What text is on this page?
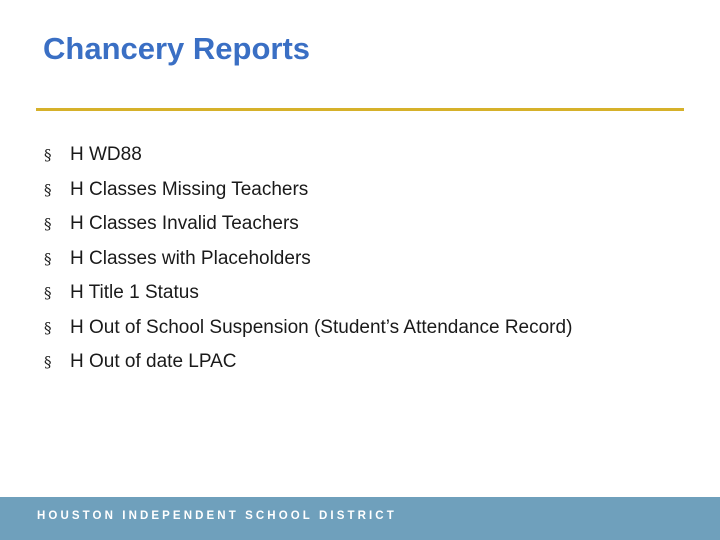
Chancery Reports
§ H WD88
§ H Classes Missing Teachers
§ H Classes Invalid Teachers
§ H Classes with Placeholders
§ H Title 1 Status
§ H Out of School Suspension (Student’s Attendance Record)
§ H Out of date LPAC
HOUSTON INDEPENDENT SCHOOL DISTRICT
33
